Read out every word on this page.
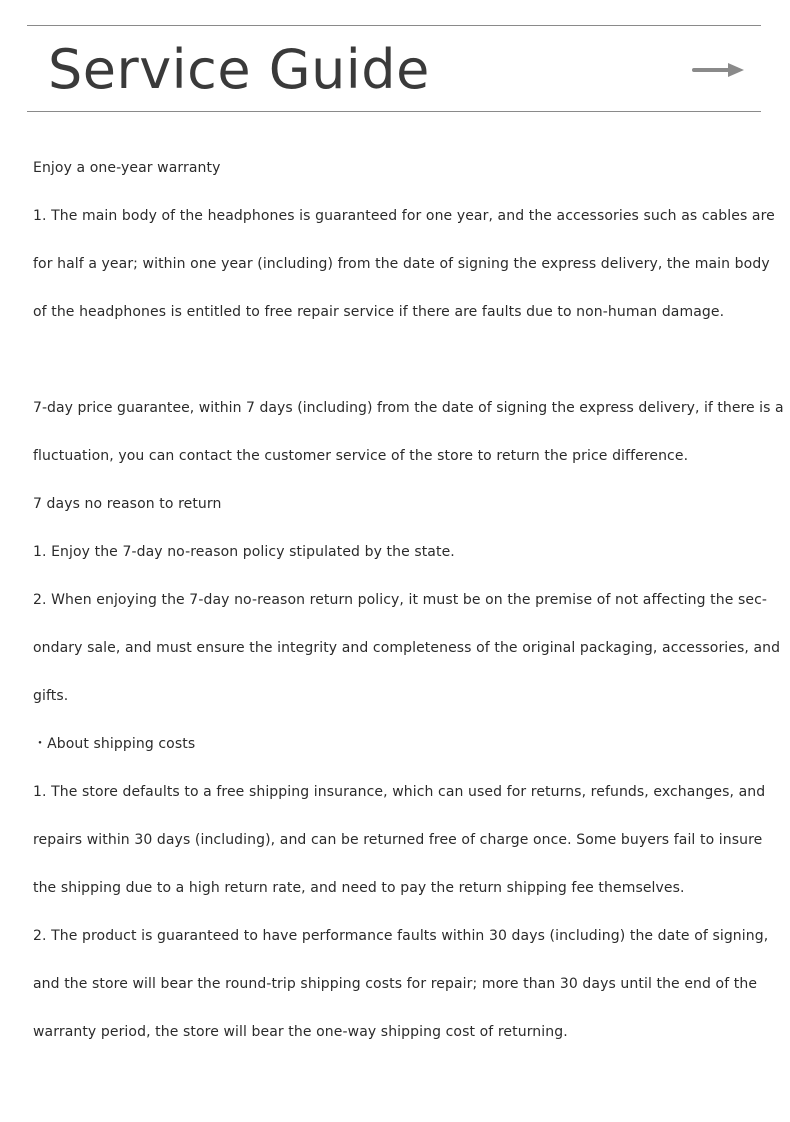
Service Guide
Enjoy a one-year warranty
1. The main body of the headphones is guaranteed for one year, and the accessories such as cables are
for half a year; within one year (including) from the date of signing the express delivery, the main body
of the headphones is entitled to free repair service if there are faults due to non-human damage.
7-day price guarantee, within 7 days (including) from the date of signing the express delivery, if there is a
fluctuation, you can contact the customer service of the store to return the price difference.
7 days no reason to return
1. Enjoy the 7-day no-reason policy stipulated by the state.
2. When enjoying the 7-day no-reason return policy, it must be on the premise of not affecting the sec-
ondary sale, and must ensure the integrity and completeness of the original packaging, accessories, and
gifts.
・About shipping costs
1. The store defaults to a free shipping insurance, which can used for returns, refunds, exchanges, and
repairs within 30 days (including), and can be returned free of charge once. Some buyers fail to insure
the shipping due to a high return rate, and need to pay the return shipping fee themselves.
2. The product is guaranteed to have performance faults within 30 days (including) the date of signing,
and the store will bear the round-trip shipping costs for repair; more than 30 days until the end of the
warranty period, the store will bear the one-way shipping cost of returning.
